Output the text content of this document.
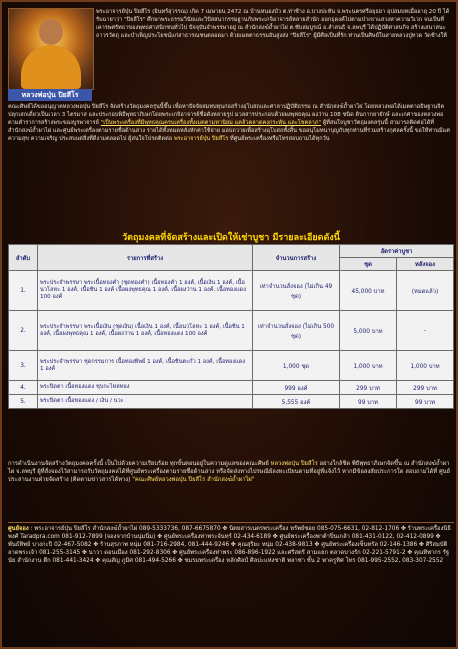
หลวงพ่อปุ่น ปิยสีโร
พระอาจารย์ปุ่น ปิยสีโร (อินทร์สุวรรณ) เกิด 7 เมษายน 2472 ณ บ้านหนองบัว ต.ท่าช้าง อ.บางปะหัน จ.พระนครศรีอยุธยา อุปสมบทเมื่ออายุ 20 ปี ได้รับฉายาว่า "ปิยสีโร" ศึกษาพระธรรมวินัยและวิปัสสนากรรมฐานกับพระเกจิอาจารย์หลายสำนัก ออกธุดงค์ไปตามป่าเขาแสวงหาความวิเวก จนเป็นที่เคารพศรัทธาของพุทธศาสนิกชนทั่วไป ปัจจุบันจำพรรษาอยู่ ณ สำนักสงฆ์ถ้ำผาไผ่ ต.ซับสมบูรณ์ อ.ลำสนธิ จ.ลพบุรี ได้ปฏิบัติศาสนกิจ สร้างเสนาสนะ ถาวรวัตถุ และบำเพ็ญประโยชน์แก่สาธารณชนตลอดมา ด้วยเมตตาธรรมอันสูงส่ง "ปิยสีโร" ผู้มีศีลเป็นที่รัก ท่านเป็นศิษย์ในสายหลวงปู่ทวด วัดช้างให้
คณะศิษย์ได้ขออนุญาตหลวงพ่อปุ่น ปิยสีโร จัดสร้างวัตถุมงคลรุ่นนี้ขึ้น เพื่อหาปัจจัยสมทบทุนก่อสร้างอุโบสถและศาลาปฏิบัติธรรม ณ สำนักสงฆ์ถ้ำผาไผ่ โดยหลวงพ่อได้เมตตาอธิษฐานจิตปลุกเสกเดี่ยวเป็นเวลา 3 ไตรมาส และประกอบพิธีพุทธาภิเษกโดยพระเกจิอาจารย์ชื่อดังหลายรูป มวลสารประกอบด้วยผงพุทธคุณ ผงว่าน 108 ชนิด ดินกากยายักษ์ และเกศาของหลวงพ่อ ตามตำราการสร้างพระของบูรพาจารย์ "เป็นพระเครื่องที่มีพุทธคุณครบเครื่องทั้งเมตตามหานิยม แคล้วคลาดคงกระพัน และโชคลาภ" ผู้ที่สนใจบูชาวัตถุมงคลรุ่นนี้ สามารถติดต่อได้ที่สำนักสงฆ์ถ้ำผาไผ่ และศูนย์พระเครื่องตามรายชื่อด้านล่าง รายได้ทั้งหมดหลังหักค่าใช้จ่าย มอบถวายเพื่อสร้างอุโบสถทั้งสิ้น ขออนุโมทนาบุญกับทุกท่านที่ร่วมสร้างกุศลครั้งนี้ ขอให้ท่านมีแต่ความสุข ความเจริญ ประสบแต่สิ่งที่ดีงามตลอดไป ผู้สนใจโปรดติดต่อ พระอาจารย์ปุ่น ปิยสีโร ที่ศูนย์พระเครื่องหรือโทรสอบถามได้ทุกวัน
วัตถุมงคลที่จัดสร้างและเปิดให้เช่าบูชา มีรายละเอียดดังนี้
ลำดับ	รายการที่สร้าง	จำนวนการสร้าง	อัตราค่าบูชา	
			ชุด	หลังจอง
1.	พระประจำพรรษา พระเนื้อทองคำ (ชุดทองคำ) เนื้อทองคำ 1 องค์, เนื้อเงิน 1 องค์, เนื้อนวโลหะ 1 องค์, เนื้อชิน 1 องค์ เนื้อผงพุทธคุณ 1 องค์, เนื้อผงว่าน 1 องค์, เนื้อทองแดง 100 องค์	เท่าจำนวนสั่งจอง (ไม่เกิน 49 ชุด)	45,000 บาท	(หมดแล้ว)
2.	พระประจำพรรษา พระเนื้อเงิน (ชุดเงิน) เนื้อเงิน 1 องค์, เนื้อนวโลหะ 1 องค์, เนื้อชิน 1 องค์, เนื้อผงพุทธคุณ 1 องค์, เนื้อผงว่าน 1 องค์, เนื้อทองแดง 100 องค์	เท่าจำนวนสั่งจอง (ไม่เกิน 500 ชุด)	5,000 บาท	-
3.	พระประจำพรรษา ชุดกรรมการ เนื้อทองทิพย์ 1 องค์, เนื้อชินตะกั่ว 1 องค์, เนื้อทองแดง 1 องค์	1,000 ชุด	1,000 บาท	1,000 บาท
4.	พระปิดตา เนื้อทองแดง ชุบกะไหล่ทอง	999 องค์	299 บาท	299 บาท
5.	พระปิดตา เนื้อทองแดง / เงิน / นวะ	5,555 องค์	99 บาท	99 บาท
การดำเนินงานจัดสร้างวัตถุมงคลครั้งนี้ เป็นไปด้วยความเรียบร้อย ทุกขั้นตอนอยู่ในความดูแลของคณะศิษย์ หลวงพ่อปุ่น ปิยสีโร อย่างใกล้ชิด พิธีพุทธาภิเษกจัดขึ้น ณ สำนักสงฆ์ถ้ำผาไผ่ จ.ลพบุรี ผู้ที่สั่งจองไว้สามารถรับวัตถุมงคลได้ที่ศูนย์พระเครื่องตามรายชื่อด้านล่าง หรือจัดส่งทางไปรษณีย์ลงทะเบียนตามที่อยู่ที่แจ้งไว้ หากมีข้อสงสัยประการใด สอบถามได้ที่ ศูนย์ประสานงานฝ่ายจัดสร้าง (ติดตามข่าวสารได้ทาง) "คณะศิษย์หลวงพ่อปุ่น ปิยสีโร สำนักสงฆ์ถ้ำผาไผ่"
ศูนย์จอง : พระอาจารย์ปุ่น ปิยสีโร สำนักสงฆ์ถ้ำผาไผ่ 089-5333736, 087-6675870 ✤ นิตยสารเนตรพระเครื่อง ทรัพย์ซอย 085-075-6631, 02-812-1706 ✤ ร้านพระเครื่องนิธิพงศ์ Taradpra.com 081-912-7899 (จองจากบ้านนุ่มนิ่ม) ✤ ศูนย์พระเครื่องท่าพระจันทร์ 02-434-6189 ✤ ศูนย์พระเครื่องพาต้าปิ่นเกล้า 081-431-0122, 02-412-0899 ✤ พันธ์ทิพย์ บางกะปิ 02-467-5082 ✤ ร้านสุรภาพ หนุ่ม 081-716-2984, 081-444-9246 ✤ คุณสุริยะ หนุ่ม 02-438-9813 ✤ ศูนย์พระเครื่องเซ็นทรัล 02-146-1386 ✤ ศิริสมบัติ ลาดพระเจ้า 081-255-3145 ✤ นาวา ดอนเมือง 081-292-8306 ✤ ศูนย์พระเครื่องท่าพระ 086-896-1922 และศรีสตรี สามแยก ตลาดบางรัก 02-221-5791-2 ✤ คุณทิพากร รัฐนัย สำนักงาน ตึก 081-441-3424 ✤ คุณสัญ ภูมิศ 081-494-5266 ✤ ชมรมพระเครื่อง หลักศิลป์ ศิลปะแห่งชาติ พลาซ่า ชั้น 2 พาครูทิศ โทร 081-995-2552, 083-307-2552
